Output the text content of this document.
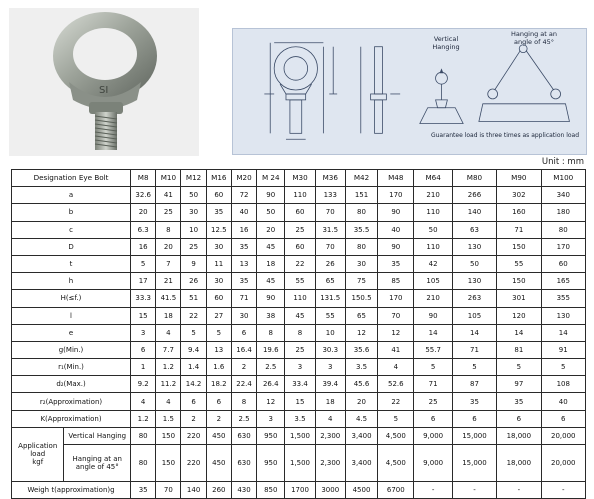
SI
Vertical
Hanging
Hanging at an
angle of 45°
Guarantee load is three times as application load
Unit : mm
Designation Eye Bolt		M8	M10	M12	M16	M20	M 24	M30	M36	M42	M48	M64	M80	M90	M100
a		32.6	41	50	60	72	90	110	133	151	170	210	266	302	340
b		20	25	30	35	40	50	60	70	80	90	110	140	160	180
c		6.3	8	10	12.5	16	20	25	31.5	35.5	40	50	63	71	80
D		16	20	25	30	35	45	60	70	80	90	110	130	150	170
t		5	7	9	11	13	18	22	26	30	35	42	50	55	60
h		17	21	26	30	35	45	55	65	75	85	105	130	150	165
H(≤f.)		33.3	41.5	51	60	71	90	110	131.5	150.5	170	210	263	301	355
l		15	18	22	27	30	38	45	55	65	70	90	105	120	130
e		3	4	5	5	6	8	8	10	12	12	14	14	14	14
g(Min.)		6	7.7	9.4	13	16.4	19.6	25	30.3	35.6	41	55.7	71	81	91
r₁(Min.)		1	1.2	1.4	1.6	2	2.5	3	3	3.5	4	5	5	5	5
d₂(Max.)		9.2	11.2	14.2	18.2	22.4	26.4	33.4	39.4	45.6	52.6	71	87	97	108
r₂(Approximation)		4	4	6	6	8	12	15	18	20	22	25	35	35	40
K(Approximation)		1.2	1.5	2	2	2.5	3	3.5	4	4.5	5	6	6	6	6
Application
load
kgf	Vertical Hanging	80	150	220	450	630	950	1,500	2,300	3,400	4,500	9,000	15,000	18,000	20,000
	Hanging at an
angle of 45°	80	150	220	450	630	950	1,500	2,300	3,400	4,500	9,000	15,000	18,000	20,000
Weigh t(approximation)g		35	70	140	260	430	850	1700	3000	4500	6700	-	-	-	-
